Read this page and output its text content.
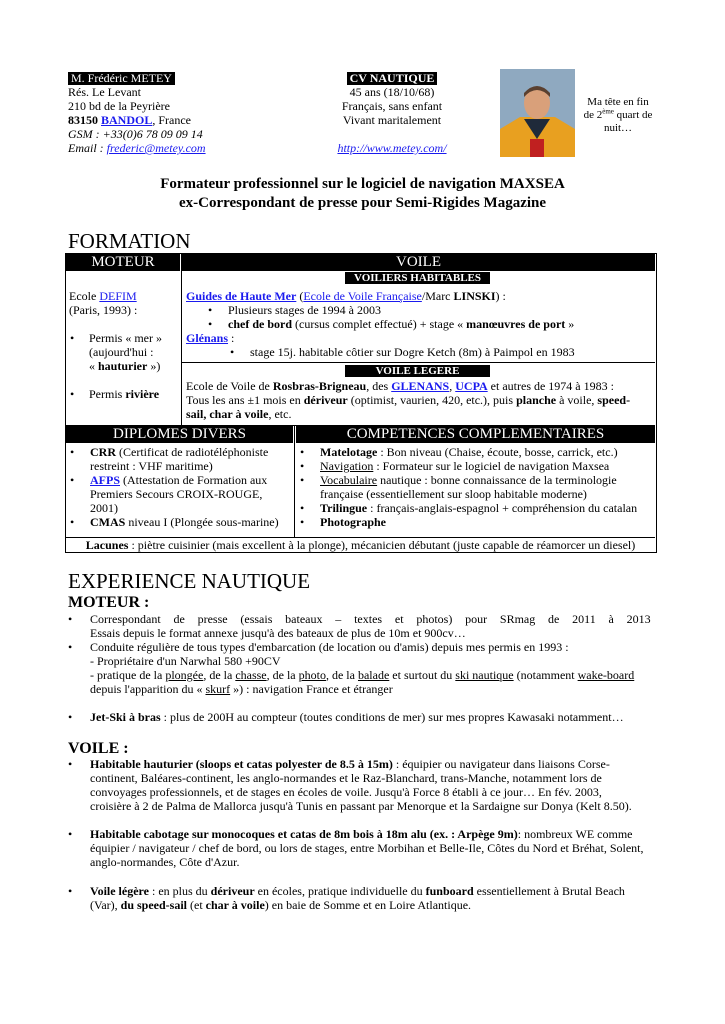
M. Frédéric METEY
Rés. Le Levant
210 bd de la Peyrière
83150 BANDOL, France
GSM : +33(0)6 78 09 09 14
Email : frederic@metey.com
CV NAUTIQUE
45 ans (18/10/68)
Français, sans enfant
Vivant maritalement
http://www.metey.com/
Ma tête en fin
de 2ème quart de
nuit…
Formateur professionnel sur le logiciel de navigation MAXSEA
ex-Correspondant de presse pour Semi-Rigides Magazine
FORMATION
MOTEUR	VOILE
VOILIERS HABITABLES
Ecole DEFIM
(Paris, 1993) :
• Permis « mer »
(aujourd'hui :
« hauturier »)
• Permis rivière
Guides de Haute Mer (Ecole de Voile Française/Marc LINSKI) :
• Plusieurs stages de 1994 à 2003
• chef de bord (cursus complet effectué) + stage « manœuvres de port »
Glénans :
• stage 15j. habitable côtier sur Dogre Ketch (8m) à Paimpol en 1983
VOILE LEGERE
Ecole de Voile de Rosbras-Brigneau, des GLENANS, UCPA et autres de 1974 à 1983 :
Tous les ans ±1 mois en dériveur (optimist, vaurien, 420, etc.), puis planche à voile, speed-
sail, char à voile, etc.
DIPLOMES DIVERS	COMPETENCES COMPLEMENTAIRES
• CRR (Certificat de radiotéléphoniste
restreint : VHF maritime)
• AFPS (Attestation de Formation aux
Premiers Secours CROIX-ROUGE,
2001)
• CMAS niveau I (Plongée sous-marine)
• Matelotage : Bon niveau (Chaise, écoute, bosse, carrick, etc.)
• Navigation : Formateur sur le logiciel de navigation Maxsea
• Vocabulaire nautique : bonne connaissance de la terminologie
française (essentiellement sur sloop habitable moderne)
• Trilingue : français-anglais-espagnol + compréhension du catalan
• Photographe
Lacunes : piètre cuisinier (mais excellent à la plonge), mécanicien débutant (juste capable de réamorcer un diesel)
EXPERIENCE NAUTIQUE
MOTEUR :
• Correspondant de presse (essais bateaux – textes et photos) pour SRmag de 2011 à 2013
Essais depuis le format annexe jusqu'à des bateaux de plus de 10m et 900cv…
• Conduite régulière de tous types d'embarcation (de location ou d'amis) depuis mes permis en 1993 :
- Propriétaire d'un Narwhal 580 +90CV
- pratique de la plongée, de la chasse, de la photo, de la balade et surtout du ski nautique (notamment wake-board
depuis l'apparition du « skurf ») : navigation France et étranger
• Jet-Ski à bras : plus de 200H au compteur (toutes conditions de mer) sur mes propres Kawasaki notamment…
VOILE :
• Habitable hauturier (sloops et catas polyester de 8.5 à 15m) : équipier ou navigateur dans liaisons Corse-
continent, Baléares-continent, les anglo-normandes et le Raz-Blanchard, trans-Manche, notamment lors de
convoyages professionnels, et de stages en écoles de voile. Jusqu'à Force 8 établi à ce jour… En fév. 2003,
croisière à 2 de Palma de Mallorca jusqu'à Tunis en passant par Menorque et la Sardaigne sur Donya (Kelt 8.50).
• Habitable cabotage sur monocoques et catas de 8m bois à 18m alu (ex. : Arpège 9m): nombreux WE comme
équipier / navigateur / chef de bord, ou lors de stages, entre Morbihan et Belle-Ile, Côtes du Nord et Bréhat, Solent,
anglo-normandes, Côte d'Azur.
• Voile légère : en plus du dériveur en écoles, pratique individuelle du funboard essentiellement à Brutal Beach
(Var), du speed-sail (et char à voile) en baie de Somme et en Loire Atlantique.
